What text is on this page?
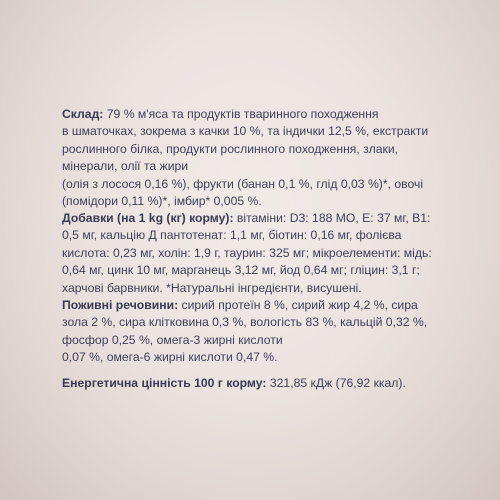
Склад: 79 % м'яса та продуктів тваринного походження
в шматочках, зокрема з качки 10 %, та індички 12,5 %, екстракти
рослинного білка, продукти рослинного походження, злаки,
мінерали, олії та жири
(олія з лосося 0,16 %), фрукти (банан 0,1 %, глід 0,03 %)*, овочі
(помідори 0,11 %)*, імбир* 0,005 %.
Добавки (на 1 kg (кг) корму): вітаміни: D3: 188 МО, E: 37 мг, B1:
0,5 мг, кальцію Д пантотенат: 1,1 мг, біотин: 0,16 мг, фолієва
кислота: 0,23 мг, холін: 1,9 г, таурин: 325 мг; мікроелементи: мідь:
0,64 мг, цинк 10 мг, марганець 3,12 мг, йод 0,64 мг; гліцин: 3,1 г;
харчові барвники. *Натуральні інгредієнти, висушені.
Поживні речовини: сирий протеїн 8 %, сирий жир 4,2 %, сира
зола 2 %, сира клітковина 0,3 %, вологість 83 %, кальцій 0,32 %,
фосфор 0,25 %, омега-3 жирні кислоти
0,07 %, омега-6 жирні кислоти 0,47 %.
Енергетична цінність 100 г корму: 321,85 кДж (76,92 ккал).
